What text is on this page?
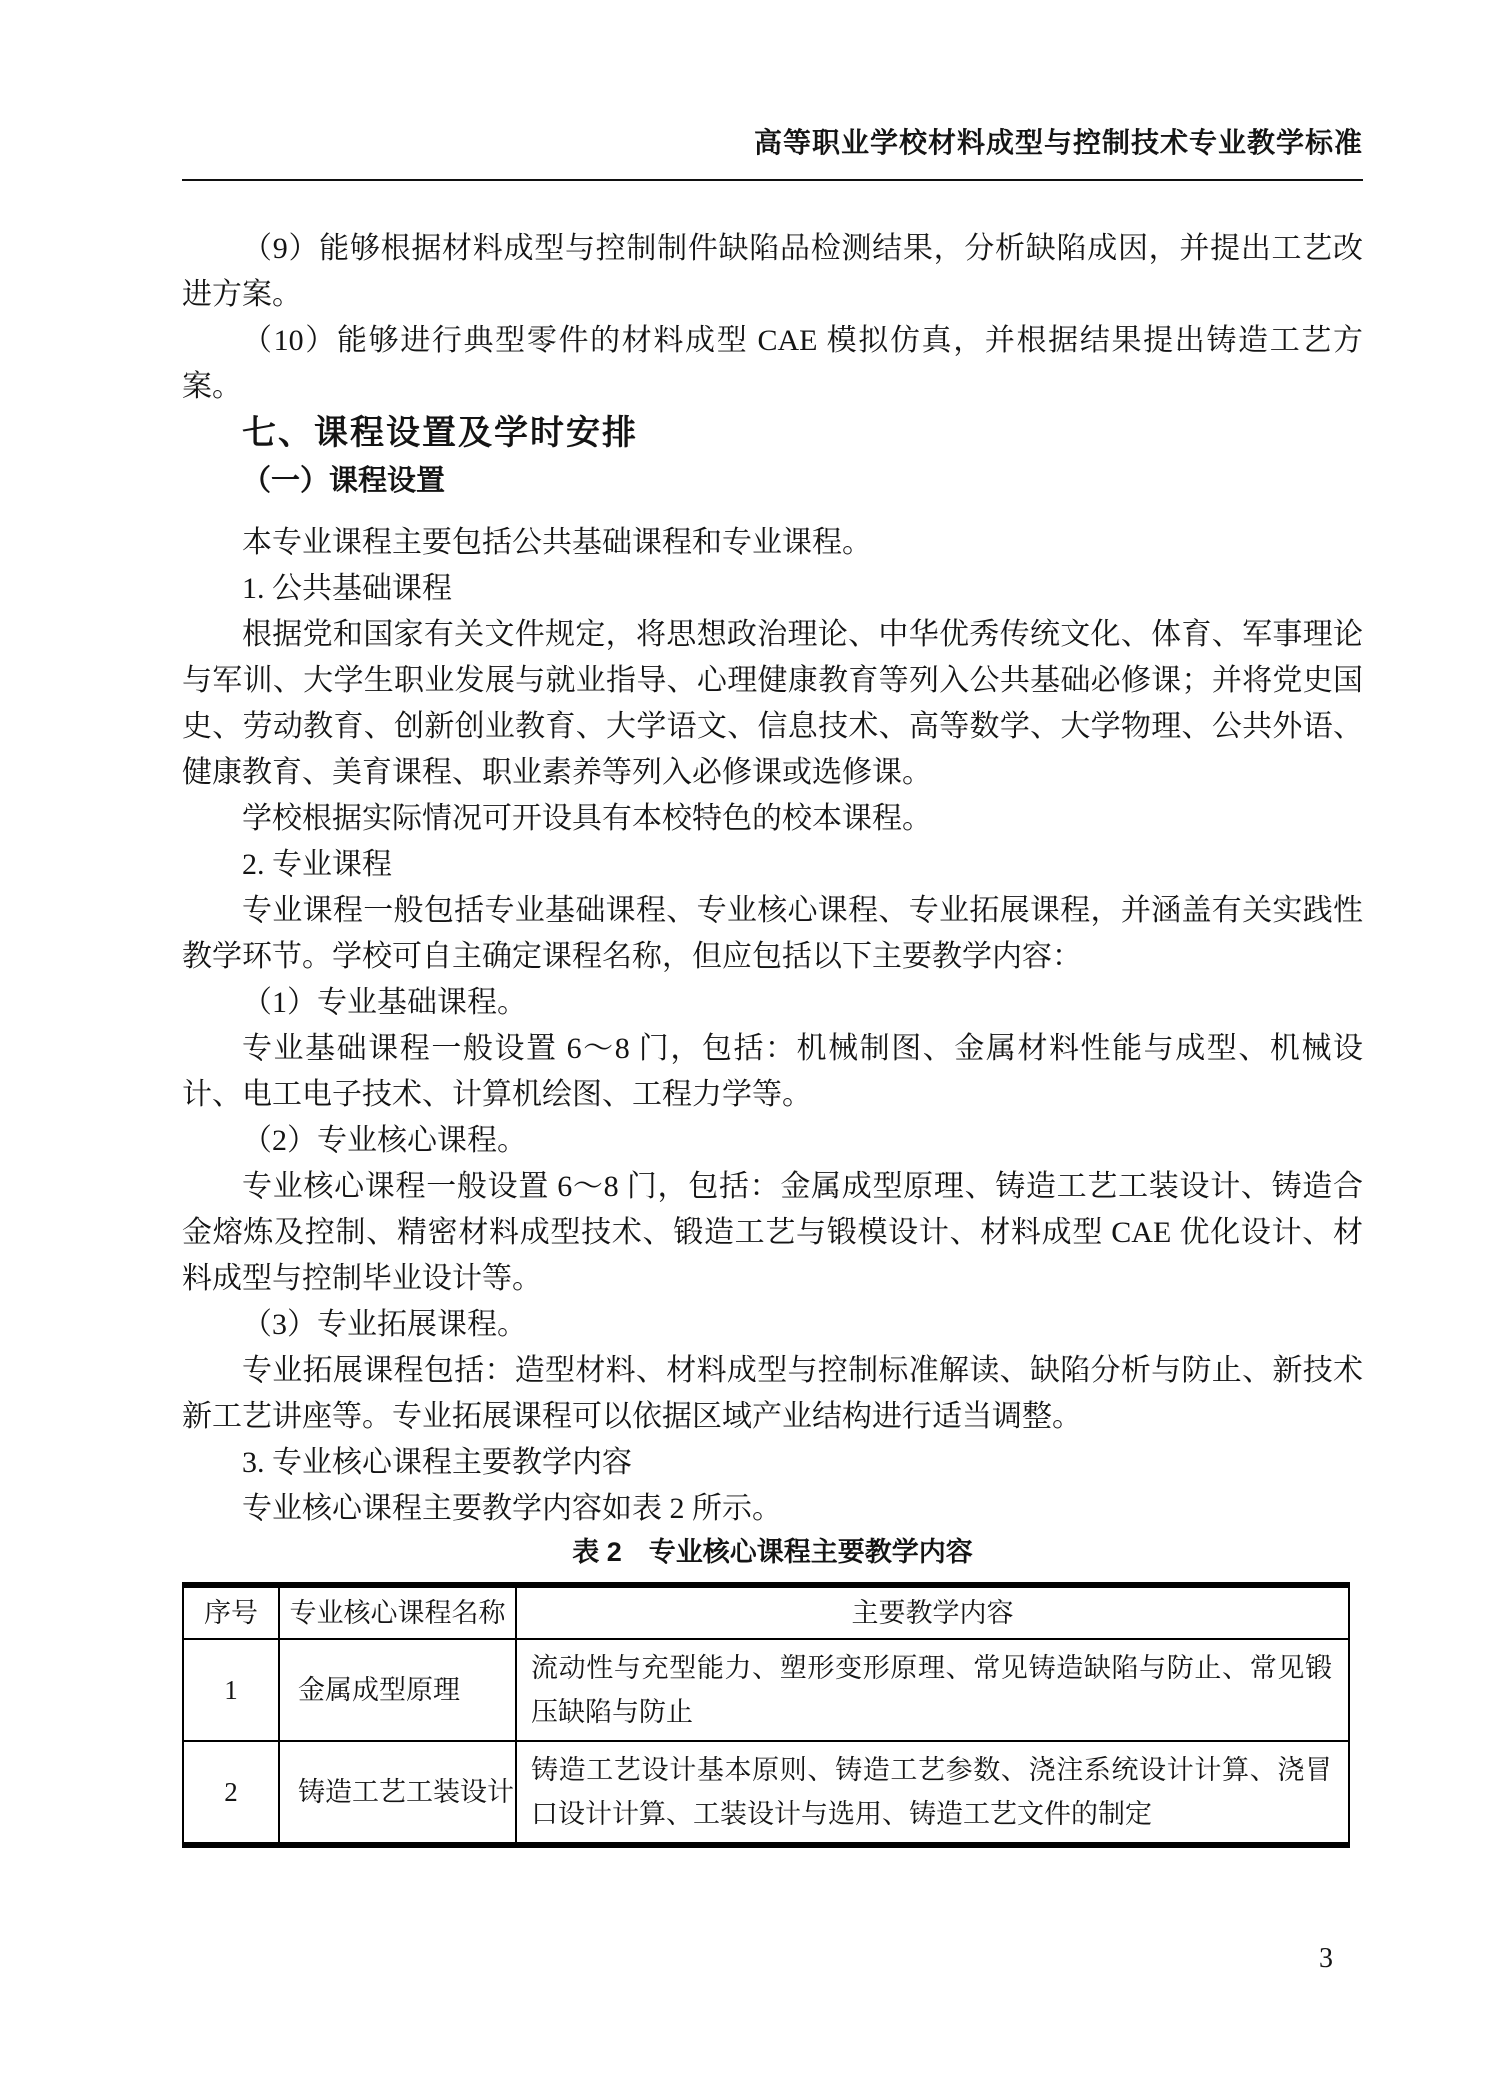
高等职业学校材料成型与控制技术专业教学标准

（9）能够根据材料成型与控制制件缺陷品检测结果，分析缺陷成因，并提出工艺改进方案。

（10）能够进行典型零件的材料成型 CAE 模拟仿真，并根据结果提出铸造工艺方案。

七、课程设置及学时安排

（一）课程设置

本专业课程主要包括公共基础课程和专业课程。

1. 公共基础课程

根据党和国家有关文件规定，将思想政治理论、中华优秀传统文化、体育、军事理论与军训、大学生职业发展与就业指导、心理健康教育等列入公共基础必修课；并将党史国史、劳动教育、创新创业教育、大学语文、信息技术、高等数学、大学物理、公共外语、健康教育、美育课程、职业素养等列入必修课或选修课。

学校根据实际情况可开设具有本校特色的校本课程。

2. 专业课程

专业课程一般包括专业基础课程、专业核心课程、专业拓展课程，并涵盖有关实践性教学环节。学校可自主确定课程名称，但应包括以下主要教学内容：

（1）专业基础课程。

专业基础课程一般设置 6～8 门，包括：机械制图、金属材料性能与成型、机械设计、电工电子技术、计算机绘图、工程力学等。

（2）专业核心课程。

专业核心课程一般设置 6～8 门，包括：金属成型原理、铸造工艺工装设计、铸造合金熔炼及控制、精密材料成型技术、锻造工艺与锻模设计、材料成型 CAE 优化设计、材料成型与控制毕业设计等。

（3）专业拓展课程。

专业拓展课程包括：造型材料、材料成型与控制标准解读、缺陷分析与防止、新技术新工艺讲座等。专业拓展课程可以依据区域产业结构进行适当调整。

3. 专业核心课程主要教学内容

专业核心课程主要教学内容如表 2 所示。

表 2　专业核心课程主要教学内容

序号	专业核心课程名称	主要教学内容
1	金属成型原理	流动性与充型能力、塑形变形原理、常见铸造缺陷与防止、常见锻压缺陷与防止
2	铸造工艺工装设计	铸造工艺设计基本原则、铸造工艺参数、浇注系统设计计算、浇冒口设计计算、工装设计与选用、铸造工艺文件的制定
3
